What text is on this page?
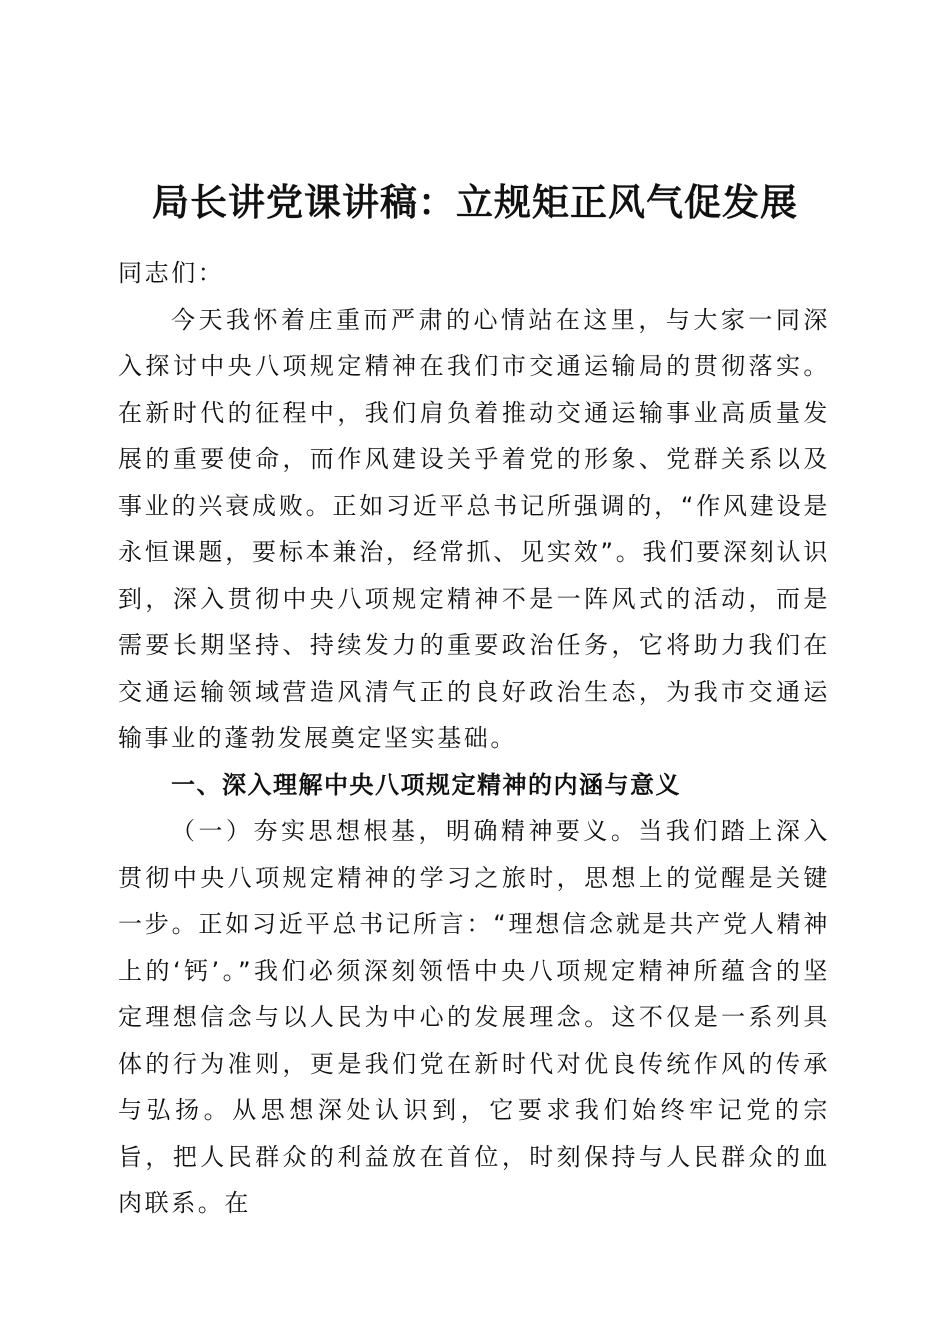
局长讲党课讲稿：立规矩正风气促发展

同志们：

今天我怀着庄重而严肃的心情站在这里，与大家一同深入探讨中央八项规定精神在我们市交通运输局的贯彻落实。在新时代的征程中，我们肩负着推动交通运输事业高质量发展的重要使命，而作风建设关乎着党的形象、党群关系以及事业的兴衰成败。正如习近平总书记所强调的，“作风建设是永恒课题，要标本兼治，经常抓、见实效”。我们要深刻认识到，深入贯彻中央八项规定精神不是一阵风式的活动，而是需要长期坚持、持续发力的重要政治任务，它将助力我们在交通运输领域营造风清气正的良好政治生态，为我市交通运输事业的蓬勃发展奠定坚实基础。

一、深入理解中央八项规定精神的内涵与意义

（一）夯实思想根基，明确精神要义。当我们踏上深入贯彻中央八项规定精神的学习之旅时，思想上的觉醒是关键一步。正如习近平总书记所言：“理想信念就是共产党人精神上的‘钙’。”我们必须深刻领悟中央八项规定精神所蕴含的坚定理想信念与以人民为中心的发展理念。这不仅是一系列具体的行为准则，更是我们党在新时代对优良传统作风的传承与弘扬。从思想深处认识到，它要求我们始终牢记党的宗旨，把人民群众的利益放在首位，时刻保持与人民群众的血肉联系。在
